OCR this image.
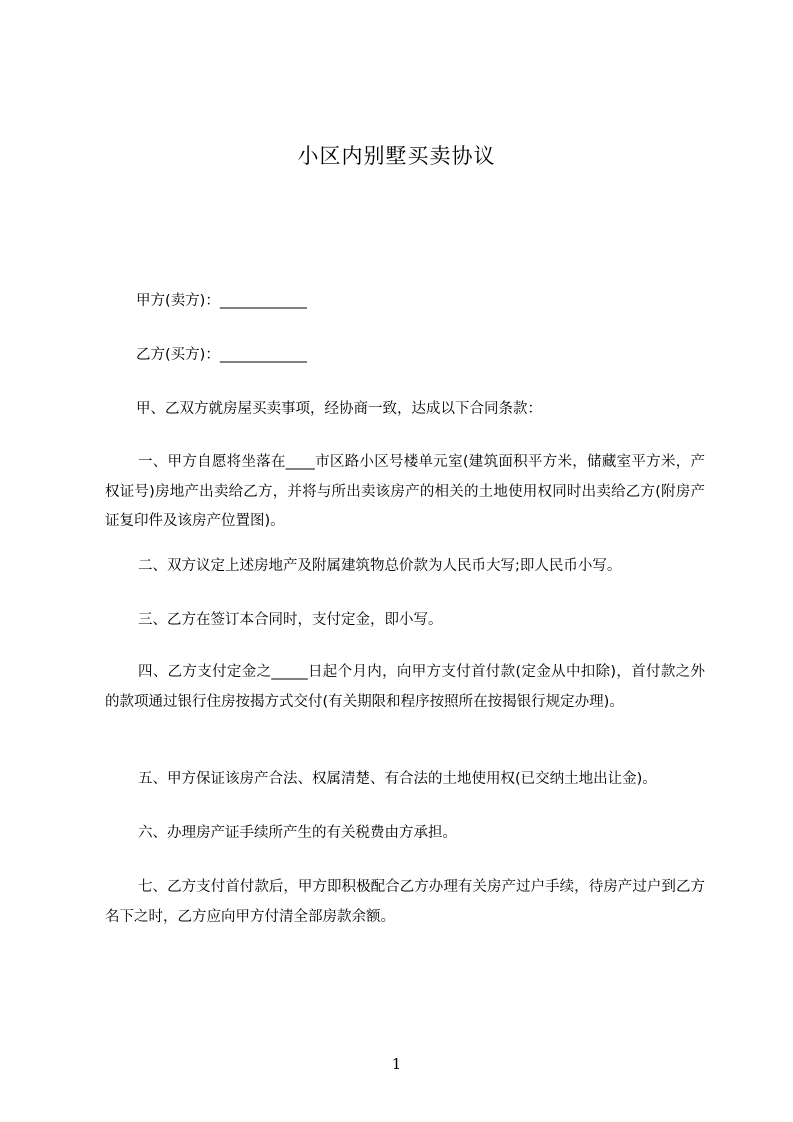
小区内别墅买卖协议
甲方(卖方)：____________
乙方(买方)：____________
甲、乙双方就房屋买卖事项，经协商一致，达成以下合同条款：
一、甲方自愿将坐落在____市区路小区号楼单元室(建筑面积平方米，储藏室平方米，产权证号)房地产出卖给乙方，并将与所出卖该房产的相关的土地使用权同时出卖给乙方(附房产证复印件及该房产位置图)。
二、双方议定上述房地产及附属建筑物总价款为人民币大写;即人民币小写。
三、乙方在签订本合同时，支付定金，即小写。
四、乙方支付定金之_____日起个月内，向甲方支付首付款(定金从中扣除)，首付款之外的款项通过银行住房按揭方式交付(有关期限和程序按照所在按揭银行规定办理)。
五、甲方保证该房产合法、权属清楚、有合法的土地使用权(已交纳土地出让金)。
六、办理房产证手续所产生的有关税费由方承担。
七、乙方支付首付款后，甲方即积极配合乙方办理有关房产过户手续，待房产过户到乙方名下之时，乙方应向甲方付清全部房款余额。
1
